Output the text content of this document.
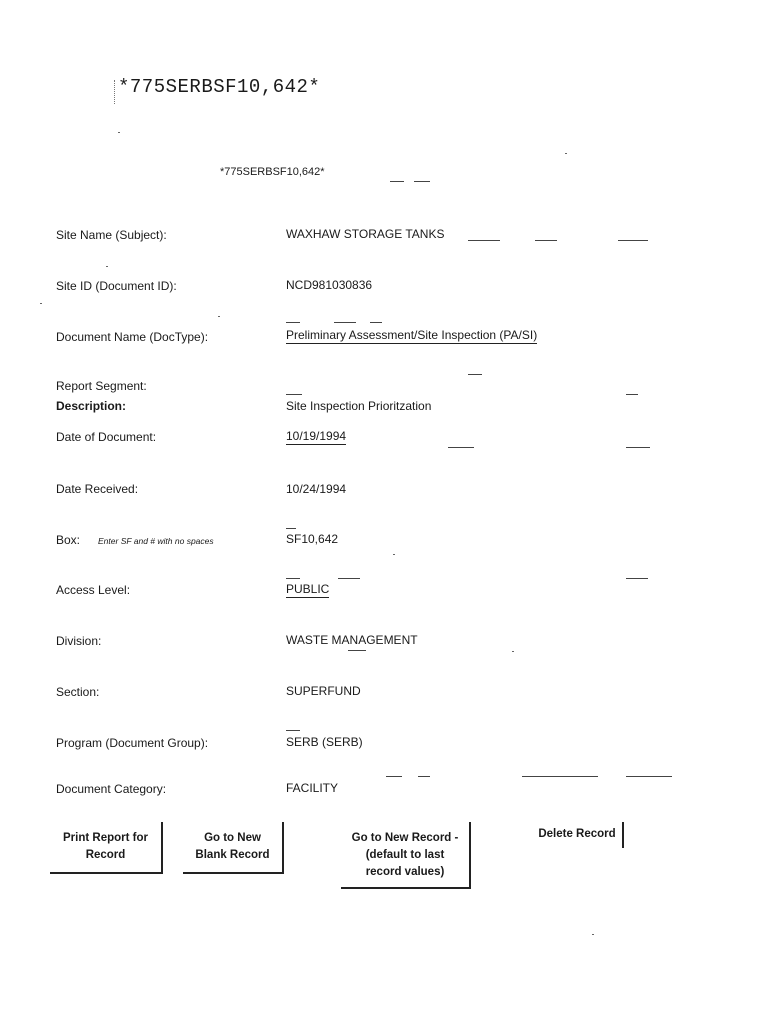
*775SERBSF10,642*
*775SERBSF10,642*
Site Name (Subject):	WAXHAW STORAGE TANKS
Site ID (Document ID):	NCD981030836
Document Name (DocType):	Preliminary Assessment/Site Inspection (PA/SI)
Report Segment:
Description:	Site Inspection Prioritzation
Date of Document:	10/19/1994
Date Received:	10/24/1994
Box: Enter SF and # with no spaces	SF10,642
Access Level:	PUBLIC
Division:	WASTE MANAGEMENT
Section:	SUPERFUND
Program (Document Group):	SERB (SERB)
Document Category:	FACILITY
Print Report for
Record
Go to New
Blank Record
Go to New Record -
(default to last
record values)
Delete Record
